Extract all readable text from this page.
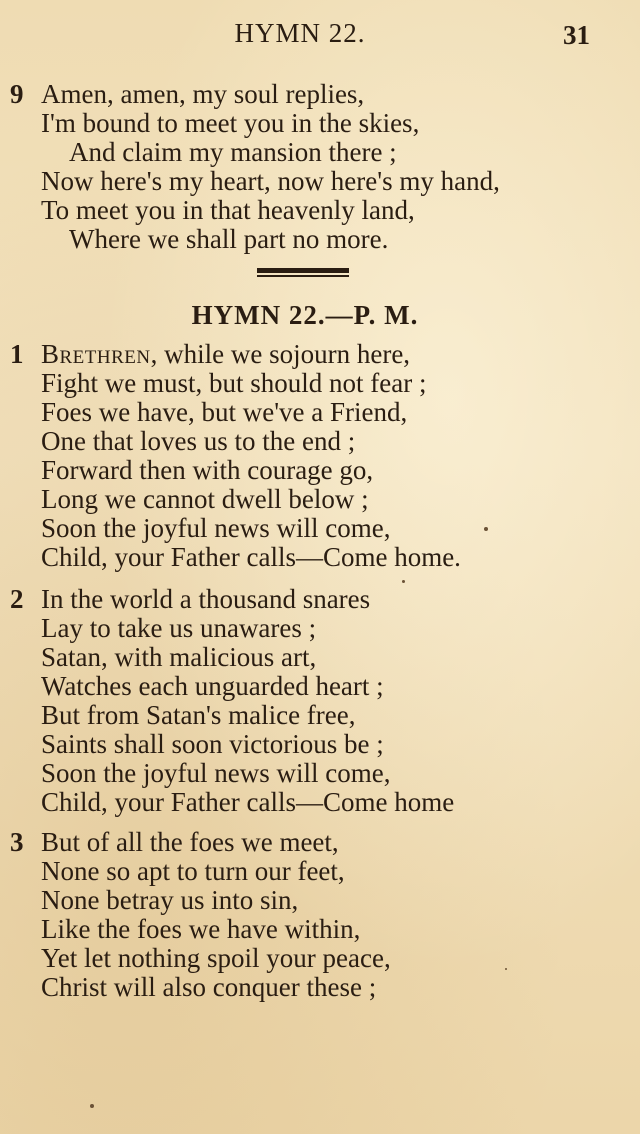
HYMN 22.	31
9 Amen, amen, my soul replies,
I'm bound to meet you in the skies,
And claim my mansion there ;
Now here's my heart, now here's my hand,
To meet you in that heavenly land,
Where we shall part no more.
HYMN 22.—P. M.
1 Brethren, while we sojourn here,
Fight we must, but should not fear ;
Foes we have, but we've a Friend,
One that loves us to the end ;
Forward then with courage go,
Long we cannot dwell below ;
Soon the joyful news will come,
Child, your Father calls—Come home.
2 In the world a thousand snares
Lay to take us unawares ;
Satan, with malicious art,
Watches each unguarded heart ;
But from Satan's malice free,
Saints shall soon victorious be ;
Soon the joyful news will come,
Child, your Father calls—Come home
3 But of all the foes we meet,
None so apt to turn our feet,
None betray us into sin,
Like the foes we have within,
Yet let nothing spoil your peace,
Christ will also conquer these ;
